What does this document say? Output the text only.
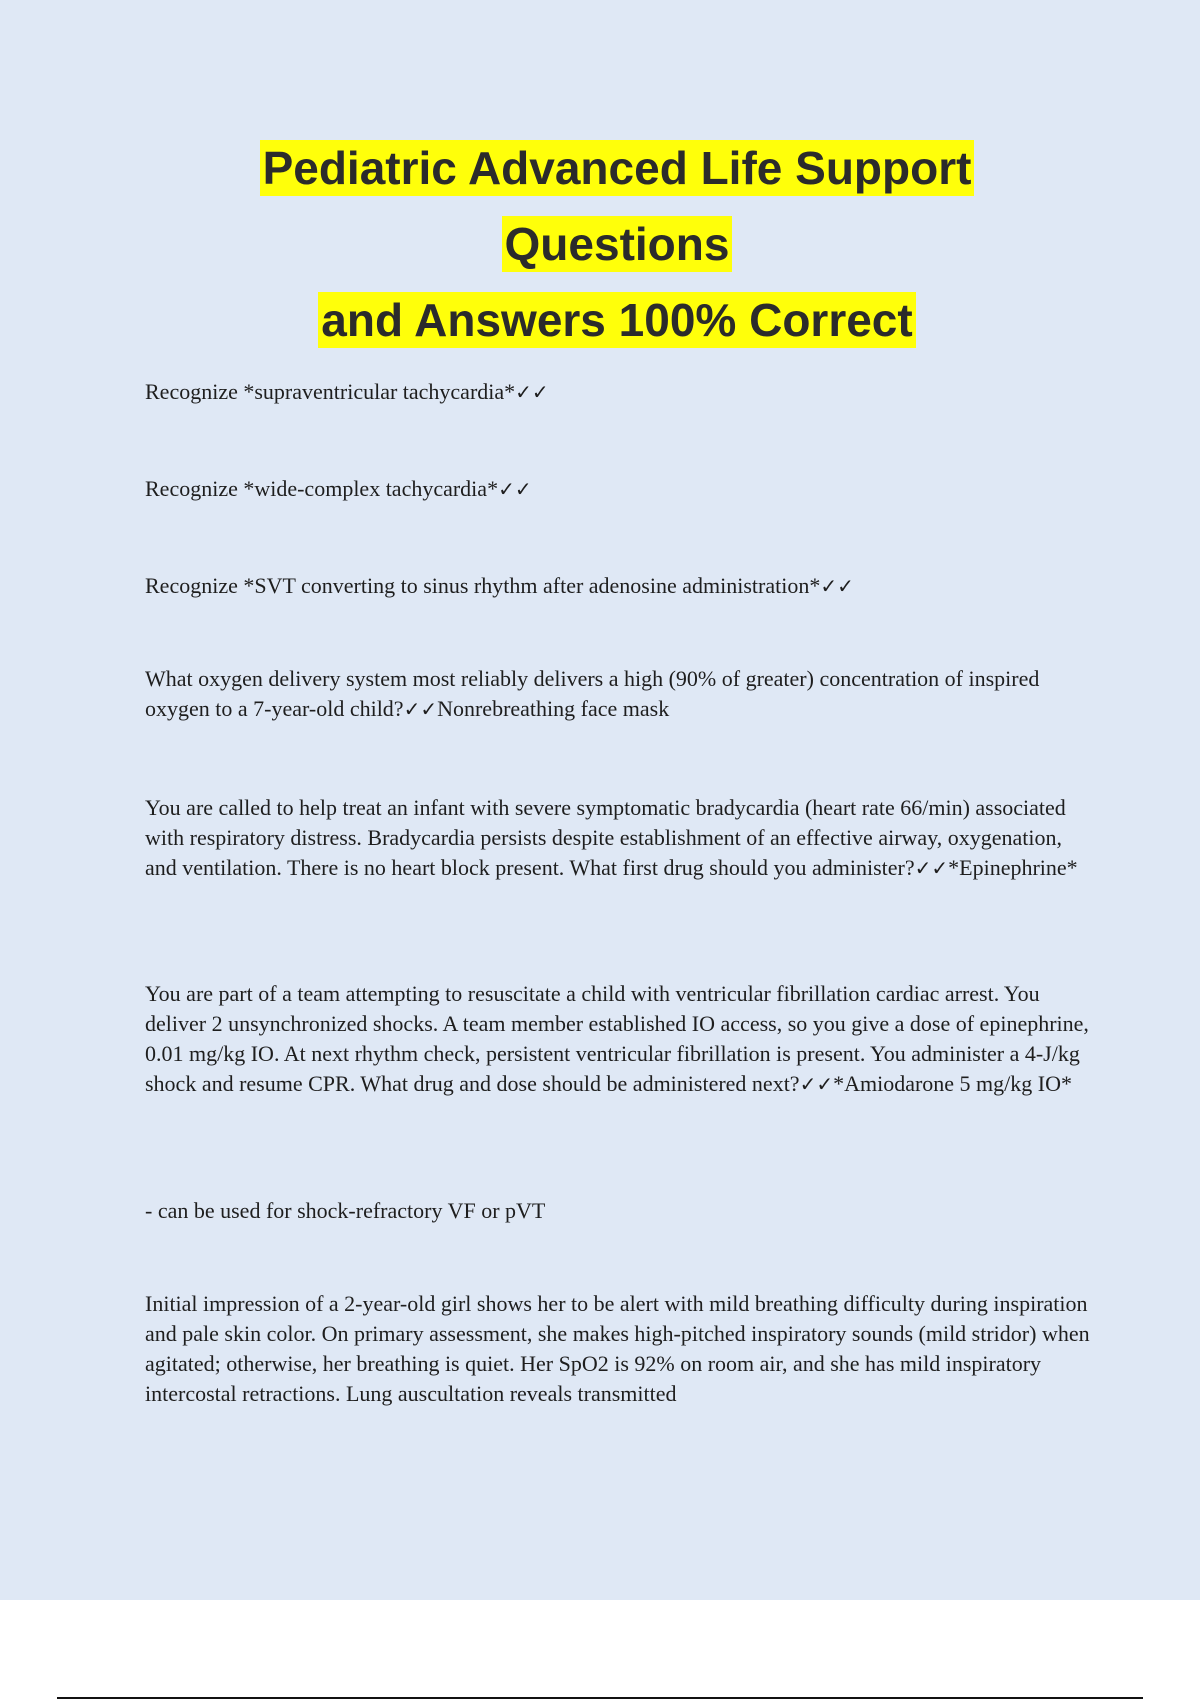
Pediatric Advanced Life Support
Questions
and Answers 100% Correct
Recognize *supraventricular tachycardia*✓✓
Recognize *wide-complex tachycardia*✓✓
Recognize *SVT converting to sinus rhythm after adenosine administration*✓✓
What oxygen delivery system most reliably delivers a high (90% of greater) concentration of inspired oxygen to a 7-year-old child?✓✓Nonrebreathing face mask
You are called to help treat an infant with severe symptomatic bradycardia (heart rate 66/min) associated with respiratory distress. Bradycardia persists despite establishment of an effective airway, oxygenation, and ventilation. There is no heart block present. What first drug should you administer?✓✓*Epinephrine*
You are part of a team attempting to resuscitate a child with ventricular fibrillation cardiac arrest. You deliver 2 unsynchronized shocks. A team member established IO access, so you give a dose of epinephrine, 0.01 mg/kg IO. At next rhythm check, persistent ventricular fibrillation is present. You administer a 4-J/kg shock and resume CPR. What drug and dose should be administered next?✓✓*Amiodarone 5 mg/kg IO*
- can be used for shock-refractory VF or pVT
Initial impression of a 2-year-old girl shows her to be alert with mild breathing difficulty during inspiration and pale skin color. On primary assessment, she makes high-pitched inspiratory sounds (mild stridor) when agitated; otherwise, her breathing is quiet. Her SpO2 is 92% on room air, and she has mild inspiratory intercostal retractions. Lung auscultation reveals transmitted
